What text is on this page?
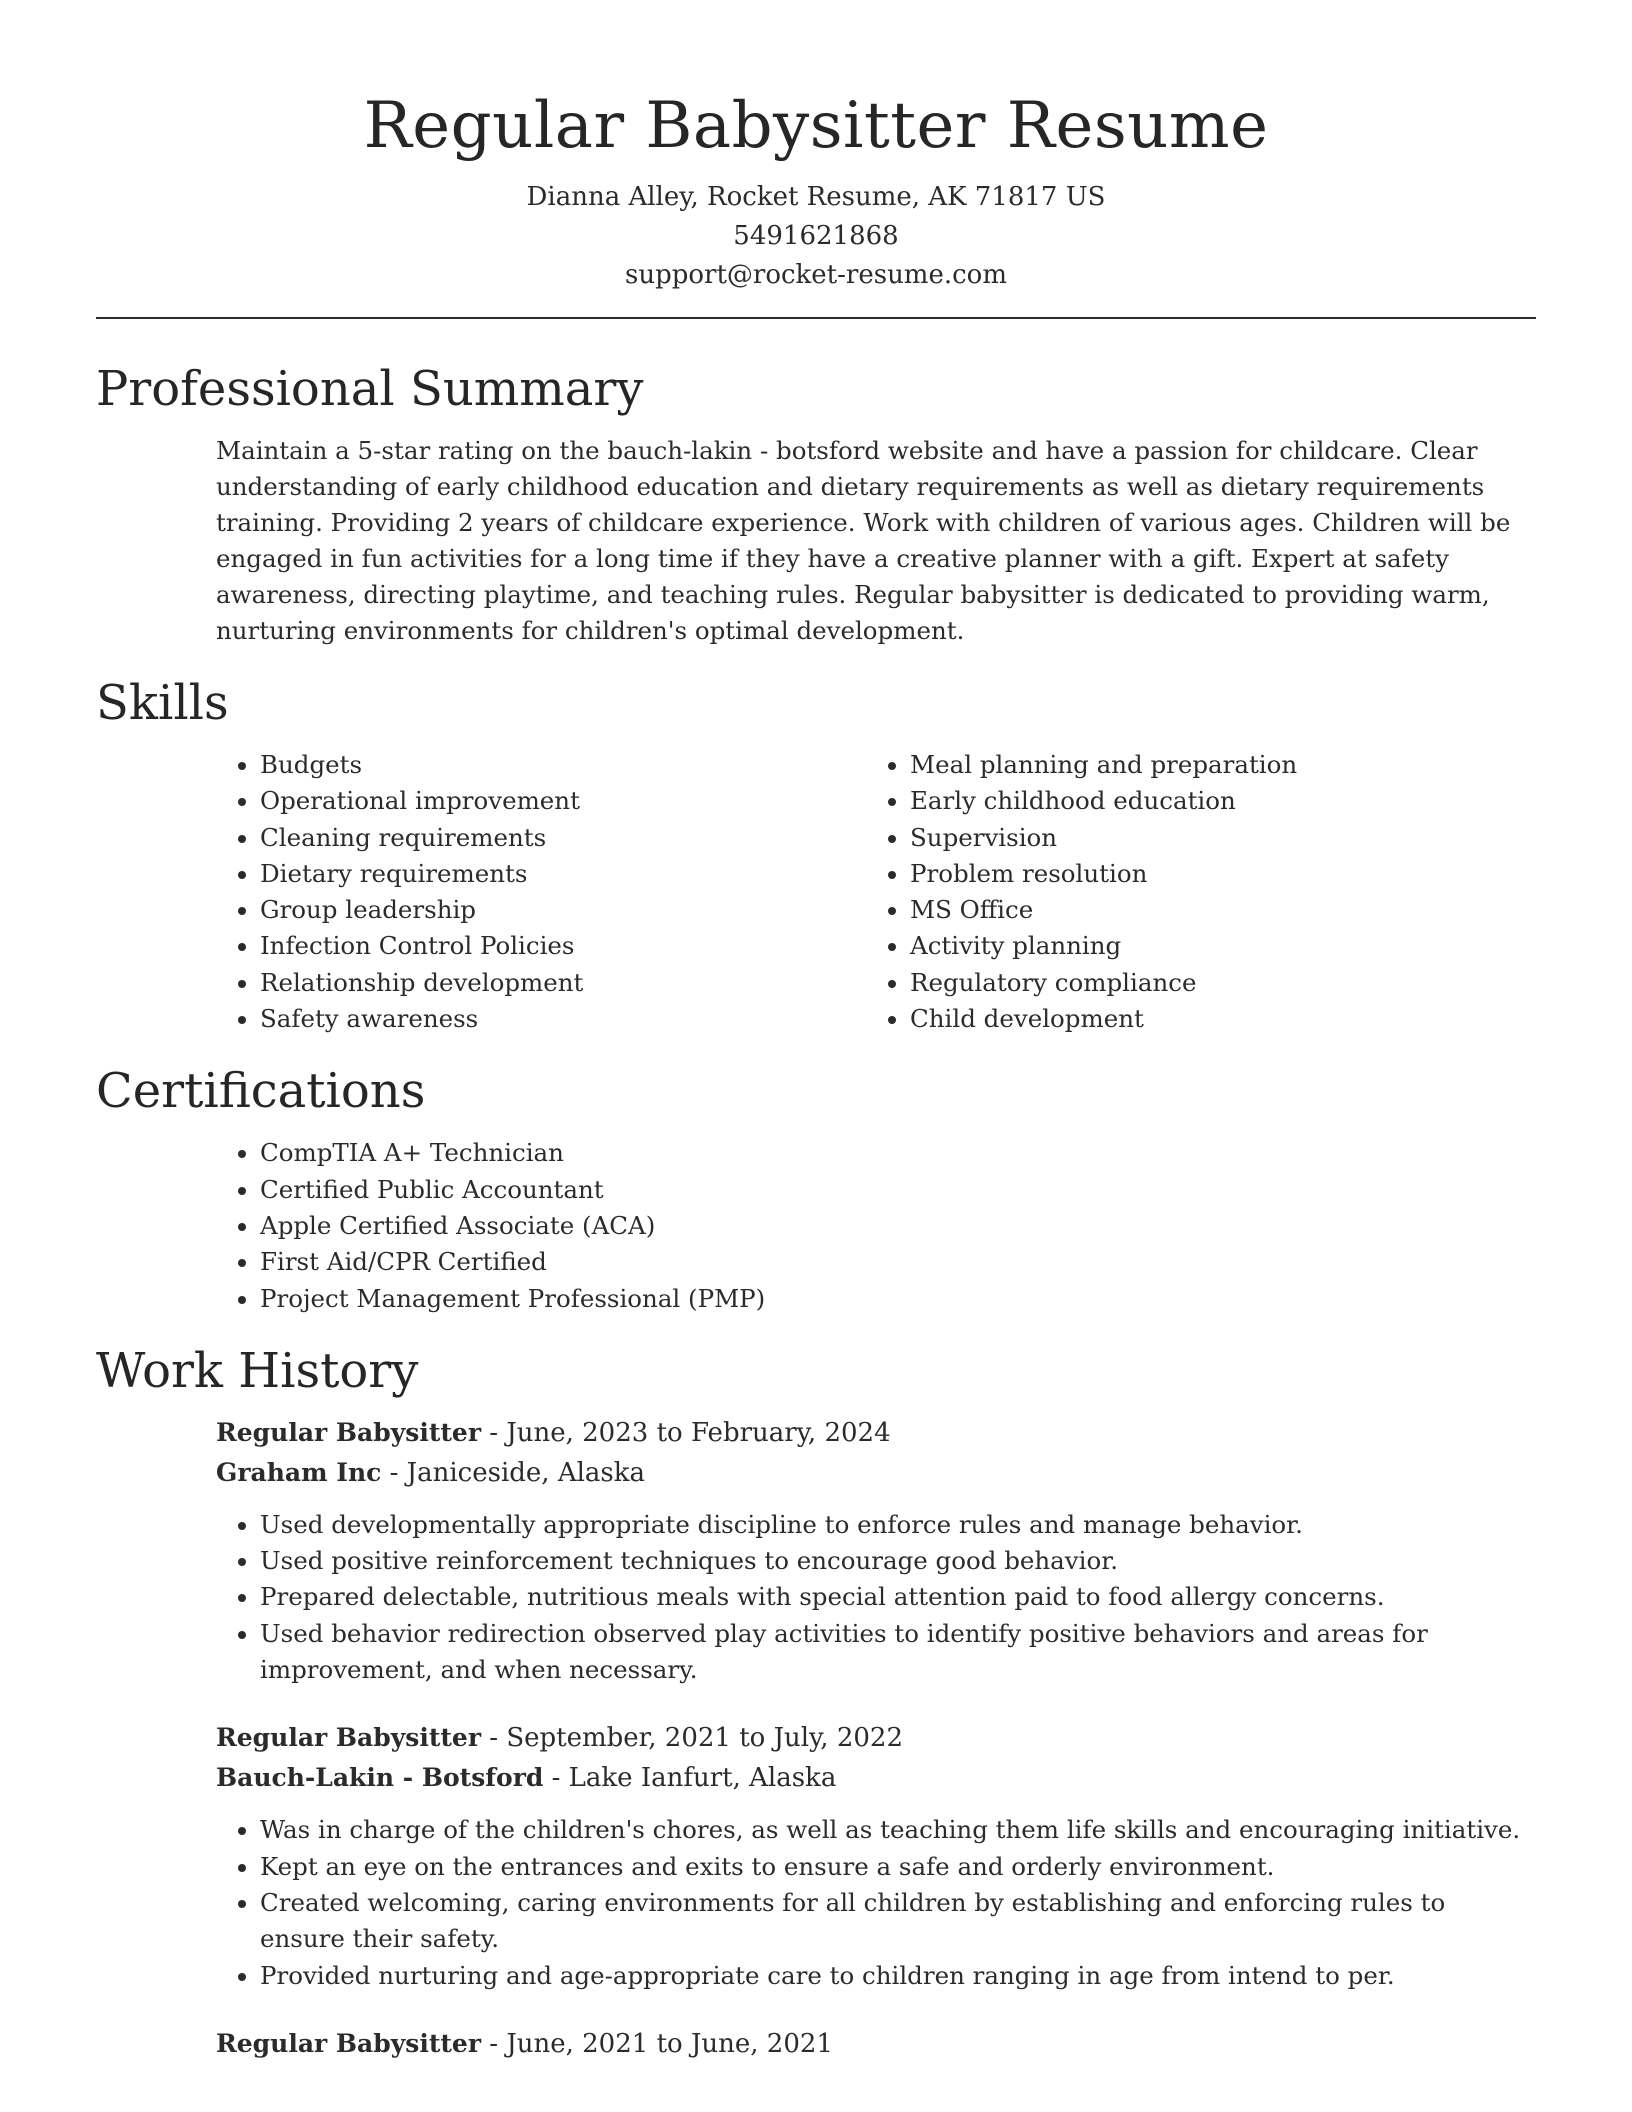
Regular Babysitter Resume
Dianna Alley, Rocket Resume, AK 71817 US
5491621868
support@rocket-resume.com
Professional Summary

Maintain a 5-star rating on the bauch-lakin - botsford website and have a passion for childcare. Clear understanding of early childhood education and dietary requirements as well as dietary requirements training. Providing 2 years of childcare experience. Work with children of various ages. Children will be engaged in fun activities for a long time if they have a creative planner with a gift. Expert at safety awareness, directing playtime, and teaching rules. Regular babysitter is dedicated to providing warm, nurturing environments for children's optimal development.

Skills
• Budgets
• Operational improvement
• Cleaning requirements
• Dietary requirements
• Group leadership
• Infection Control Policies
• Relationship development
• Safety awareness
• Meal planning and preparation
• Early childhood education
• Supervision
• Problem resolution
• MS Office
• Activity planning
• Regulatory compliance
• Child development
Certifications
• CompTIA A+ Technician
• Certified Public Accountant
• Apple Certified Associate (ACA)
• First Aid/CPR Certified
• Project Management Professional (PMP)
Work History
Regular Babysitter - June, 2023 to February, 2024
Graham Inc - Janiceside, Alaska
• Used developmentally appropriate discipline to enforce rules and manage behavior.
• Used positive reinforcement techniques to encourage good behavior.
• Prepared delectable, nutritious meals with special attention paid to food allergy concerns.
• Used behavior redirection observed play activities to identify positive behaviors and areas for improvement, and when necessary.
Regular Babysitter - September, 2021 to July, 2022
Bauch-Lakin - Botsford - Lake Ianfurt, Alaska
• Was in charge of the children's chores, as well as teaching them life skills and encouraging initiative.
• Kept an eye on the entrances and exits to ensure a safe and orderly environment.
• Created welcoming, caring environments for all children by establishing and enforcing rules to ensure their safety.
• Provided nurturing and age-appropriate care to children ranging in age from intend to per.
Regular Babysitter - June, 2021 to June, 2021
